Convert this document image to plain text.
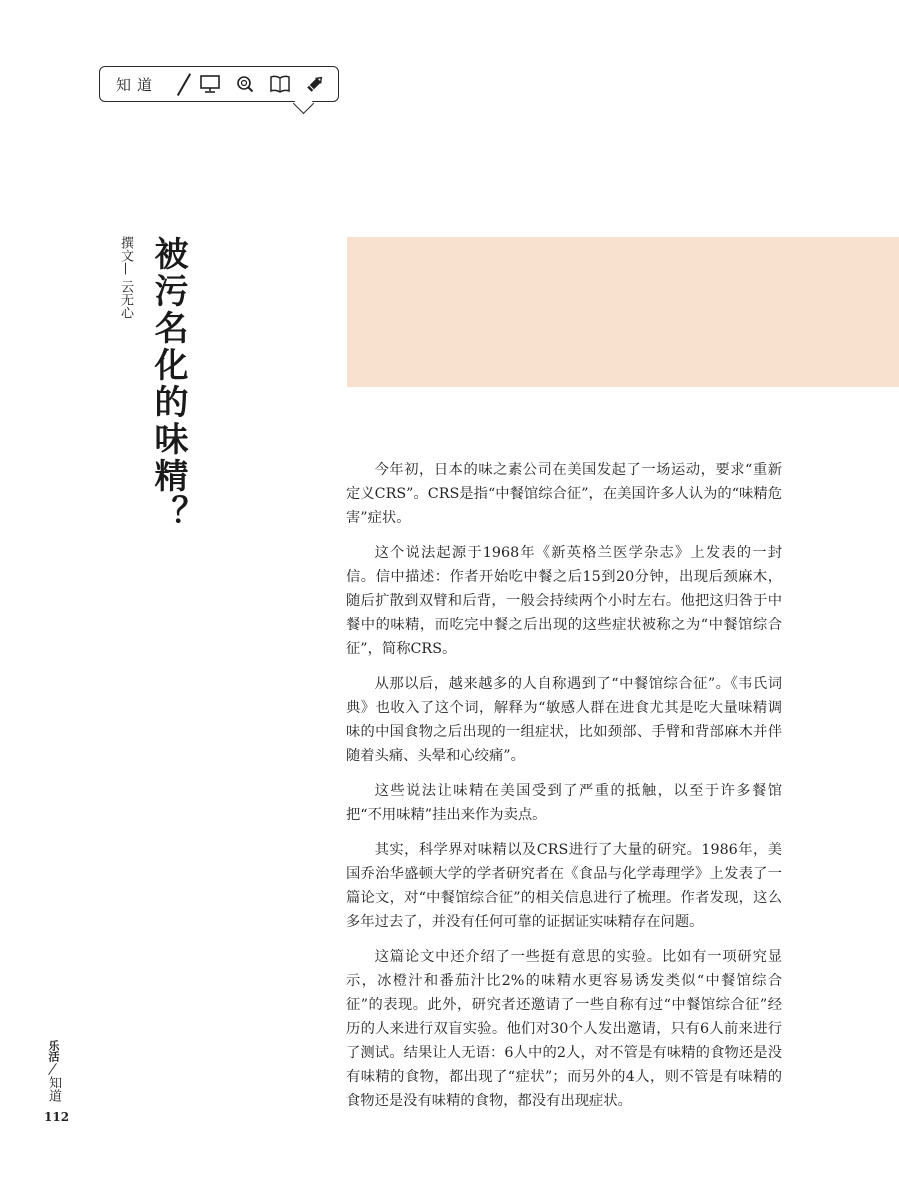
知道
被污名化的味精？
撰文—云无心

今年初，日本的味之素公司在美国发起了一场运动，要求“重新定义CRS”。CRS是指“中餐馆综合征”，在美国许多人认为的“味精危害”症状。

这个说法起源于1968年《新英格兰医学杂志》上发表的一封信。信中描述：作者开始吃中餐之后15到20分钟，出现后颈麻木，随后扩散到双臂和后背，一般会持续两个小时左右。他把这归咎于中餐中的味精，而吃完中餐之后出现的这些症状被称之为“中餐馆综合征”，简称CRS。

从那以后，越来越多的人自称遇到了“中餐馆综合征”。《韦氏词典》也收入了这个词，解释为“敏感人群在进食尤其是吃大量味精调味的中国食物之后出现的一组症状，比如颈部、手臂和背部麻木并伴随着头痛、头晕和心绞痛”。

这些说法让味精在美国受到了严重的抵触，以至于许多餐馆把“不用味精”挂出来作为卖点。

其实，科学界对味精以及CRS进行了大量的研究。1986年，美国乔治华盛顿大学的学者研究者在《食品与化学毒理学》上发表了一篇论文，对“中餐馆综合征”的相关信息进行了梳理。作者发现，这么多年过去了，并没有任何可靠的证据证实味精存在问题。

这篇论文中还介绍了一些挺有意思的实验。比如有一项研究显示，冰橙汁和番茄汁比2%的味精水更容易诱发类似“中餐馆综合征”的表现。此外，研究者还邀请了一些自称有过“中餐馆综合征”经历的人来进行双盲实验。他们对30个人发出邀请，只有6人前来进行了测试。结果让人无语：6人中的2人，对不管是有味精的食物还是没有味精的食物，都出现了“症状”；而另外的4人，则不管是有味精的食物还是没有味精的食物，都没有出现症状。

乐活
知道
112
